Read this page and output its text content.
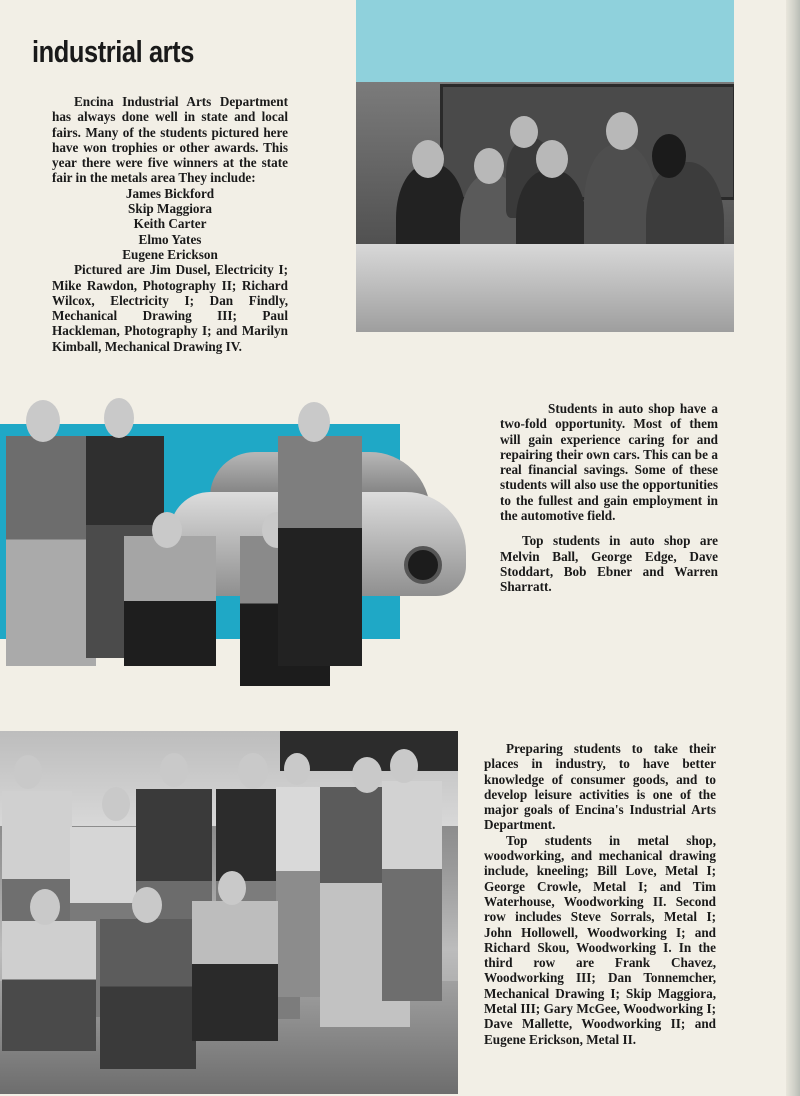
industrial arts

Encina Industrial Arts Department has always done well in state and local fairs. Many of the students pictured here have won trophies or other awards. This year there were five winners at the state fair in the metals area They include:

James Bickford
Skip Maggiora
Keith Carter
Elmo Yates
Eugene Erickson

Pictured are Jim Dusel, Electricity I; Mike Rawdon, Photography II; Richard Wilcox, Electricity I; Dan Findly, Mechanical Drawing III; Paul Hackleman, Photography I; and Marilyn Kimball, Mechanical Drawing IV.

Students in auto shop have a two-fold opportunity. Most of them will gain experience caring for and repairing their own cars. This can be a real financial savings. Some of these students will also use the opportunities to the fullest and gain employment in the automotive field.

Top students in auto shop are Melvin Ball, George Edge, Dave Stoddart, Bob Ebner and Warren Sharratt.

Preparing students to take their places in industry, to have better knowledge of consumer goods, and to develop leisure activities is one of the major goals of Encina's Industrial Arts Department.

Top students in metal shop, woodworking, and mechanical drawing include, kneeling; Bill Love, Metal I; George Crowle, Metal I; and Tim Waterhouse, Woodworking II. Second row includes Steve Sorrals, Metal I; John Hollowell, Woodworking I; and Richard Skou, Woodworking I. In the third row are Frank Chavez, Woodworking III; Dan Tonnemcher, Mechanical Drawing I; Skip Maggiora, Metal III; Gary McGee, Woodworking I; Dave Mallette, Woodworking II; and Eugene Erickson, Metal II.
